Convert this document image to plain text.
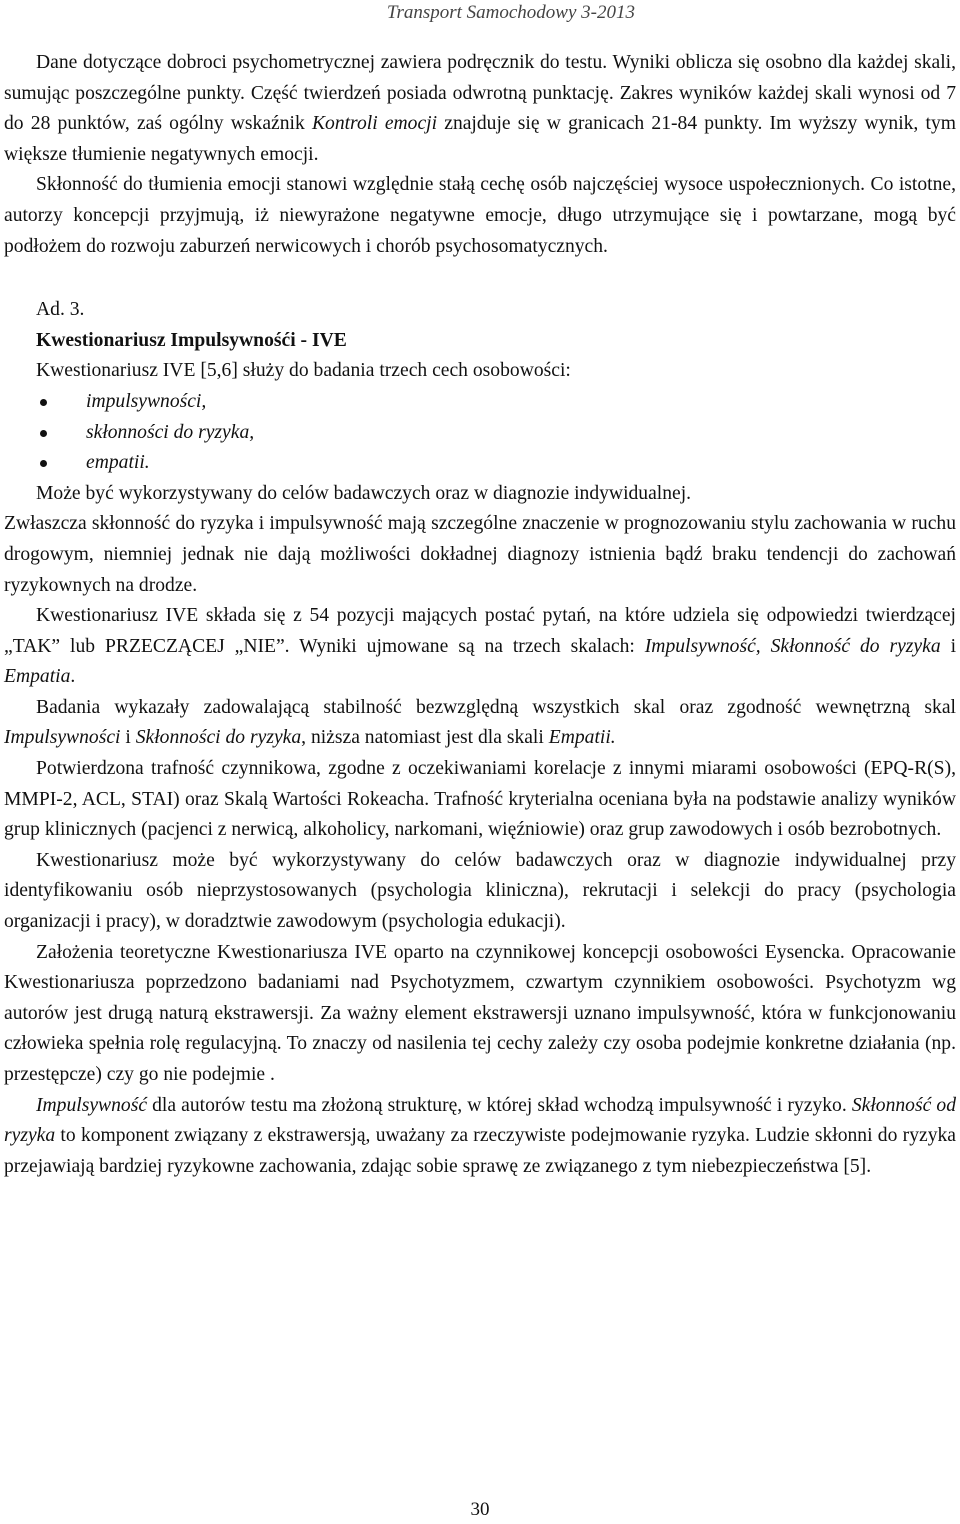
Transport Samochodowy 3-2013

Dane dotyczące dobroci psychometrycznej zawiera podręcznik do testu. Wyniki oblicza się osobno dla każdej skali, sumując poszczególne punkty. Część twierdzeń posiada odwrotną punktację. Zakres wyników każdej skali wynosi od 7 do 28 punktów, zaś ogólny wskaźnik Kontroli emocji znajduje się w granicach 21-84 punkty. Im wyższy wynik, tym większe tłumienie negatywnych emocji.

Skłonność do tłumienia emocji stanowi względnie stałą cechę osób najczęściej wysoce uspołecznionych. Co istotne, autorzy koncepcji przyjmują, iż niewyrażone negatywne emocje, długo utrzymujące się i powtarzane, mogą być podłożem do rozwoju zaburzeń nerwicowych i chorób psychosomatycznych.

Ad. 3.

Kwestionariusz Impulsywnośći - IVE

Kwestionariusz IVE [5,6] służy do badania trzech cech osobowości:

impulsywności,
skłonności do ryzyka,
empatii.

Może być wykorzystywany do celów badawczych oraz w diagnozie indywidualnej.

Zwłaszcza skłonność do ryzyka i impulsywność mają szczególne znaczenie w prognozowaniu stylu zachowania w ruchu drogowym, niemniej jednak nie dają możliwości dokładnej diagnozy istnienia bądź braku tendencji do zachowań ryzykownych na drodze.

Kwestionariusz IVE składa się z 54 pozycji mających postać pytań, na które udziela się odpowiedzi twierdzącej „TAK” lub PRZECZĄCEJ „NIE”. Wyniki ujmowane są na trzech skalach: Impulsywność, Skłonność do ryzyka i Empatia.

Badania wykazały zadowalającą stabilność bezwzględną wszystkich skal oraz zgodność wewnętrzną skal Impulsywności i Skłonności do ryzyka, niższa natomiast jest dla skali Empatii.

Potwierdzona trafność czynnikowa, zgodne z oczekiwaniami korelacje z innymi miarami osobowości (EPQ-R(S), MMPI-2, ACL, STAI) oraz Skalą Wartości Rokeacha. Trafność kryterialna oceniana była na podstawie analizy wyników grup klinicznych (pacjenci z nerwicą, alkoholicy, narkomani, więźniowie) oraz grup zawodowych i osób bezrobotnych.

Kwestionariusz może być wykorzystywany do celów badawczych oraz w diagnozie indywidualnej przy identyfikowaniu osób nieprzystosowanych (psychologia kliniczna), rekrutacji i selekcji do pracy (psychologia organizacji i pracy), w doradztwie zawodowym (psychologia edukacji).

Założenia teoretyczne Kwestionariusza IVE oparto na czynnikowej koncepcji osobowości Eysencka. Opracowanie Kwestionariusza poprzedzono badaniami nad Psychotyzmem, czwartym czynnikiem osobowości. Psychotyzm wg autorów jest drugą naturą ekstrawersji. Za ważny element ekstrawersji uznano impulsywność, która w funkcjonowaniu człowieka spełnia rolę regulacyjną. To znaczy od nasilenia tej cechy zależy czy osoba podejmie konkretne działania (np. przestępcze) czy go nie podejmie .

Impulsywność dla autorów testu ma złożoną strukturę, w której skład wchodzą impulsywność i ryzyko. Skłonność od ryzyka to komponent związany z ekstrawersją, uważany za rzeczywiste podejmowanie ryzyka. Ludzie skłonni do ryzyka przejawiają bardziej ryzykowne zachowania, zdając sobie sprawę ze związanego z tym niebezpieczeństwa [5].

30
